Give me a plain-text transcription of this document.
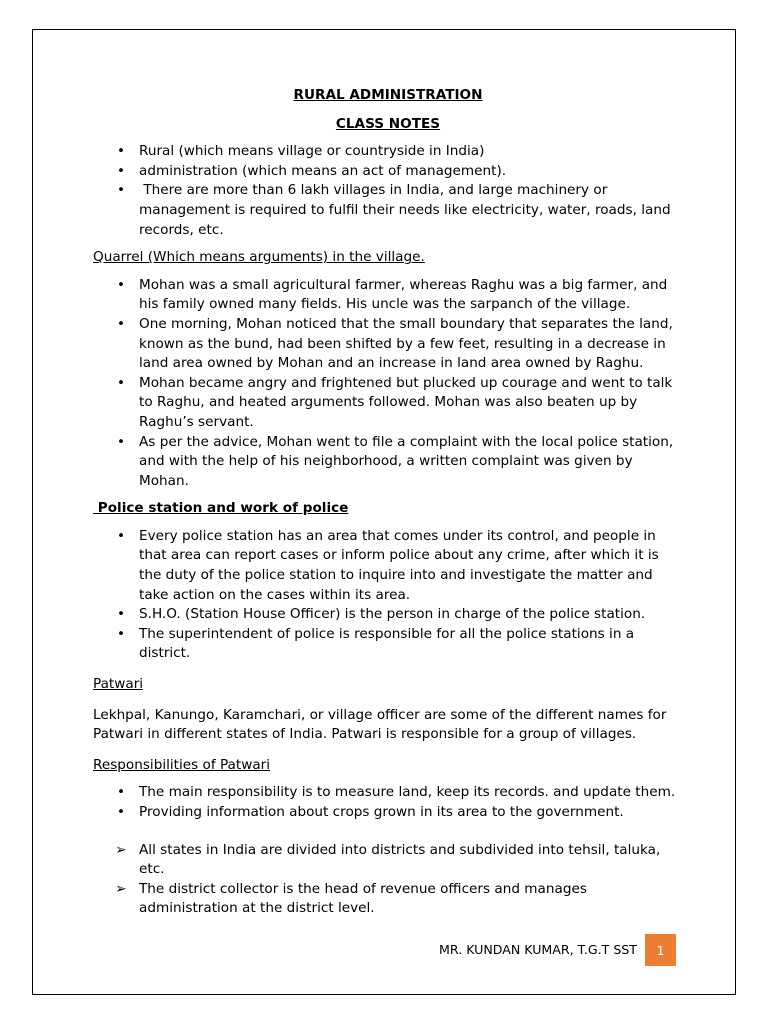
RURAL ADMINISTRATION

CLASS NOTES

• Rural (which means village or countryside in India)
• administration (which means an act of management).
• There are more than 6 lakh villages in India, and large machinery or management is required to fulfil their needs like electricity, water, roads, land records, etc.

Quarrel (Which means arguments) in the village.

• Mohan was a small agricultural farmer, whereas Raghu was a big farmer, and his family owned many fields. His uncle was the sarpanch of the village.
• One morning, Mohan noticed that the small boundary that separates the land, known as the bund, had been shifted by a few feet, resulting in a decrease in land area owned by Mohan and an increase in land area owned by Raghu.
• Mohan became angry and frightened but plucked up courage and went to talk to Raghu, and heated arguments followed. Mohan was also beaten up by Raghu’s servant.
• As per the advice, Mohan went to file a complaint with the local police station, and with the help of his neighborhood, a written complaint was given by Mohan.

Police station and work of police

• Every police station has an area that comes under its control, and people in that area can report cases or inform police about any crime, after which it is the duty of the police station to inquire into and investigate the matter and take action on the cases within its area.
• S.H.O. (Station House Officer) is the person in charge of the police station.
• The superintendent of police is responsible for all the police stations in a district.

Patwari

Lekhpal, Kanungo, Karamchari, or village officer are some of the different names for Patwari in different states of India. Patwari is responsible for a group of villages.

Responsibilities of Patwari

• The main responsibility is to measure land, keep its records. and update them.
• Providing information about crops grown in its area to the government.
➢ All states in India are divided into districts and subdivided into tehsil, taluka, etc.
➢ The district collector is the head of revenue officers and manages administration at the district level.
MR. KUNDAN KUMAR, T.G.T SST	1
